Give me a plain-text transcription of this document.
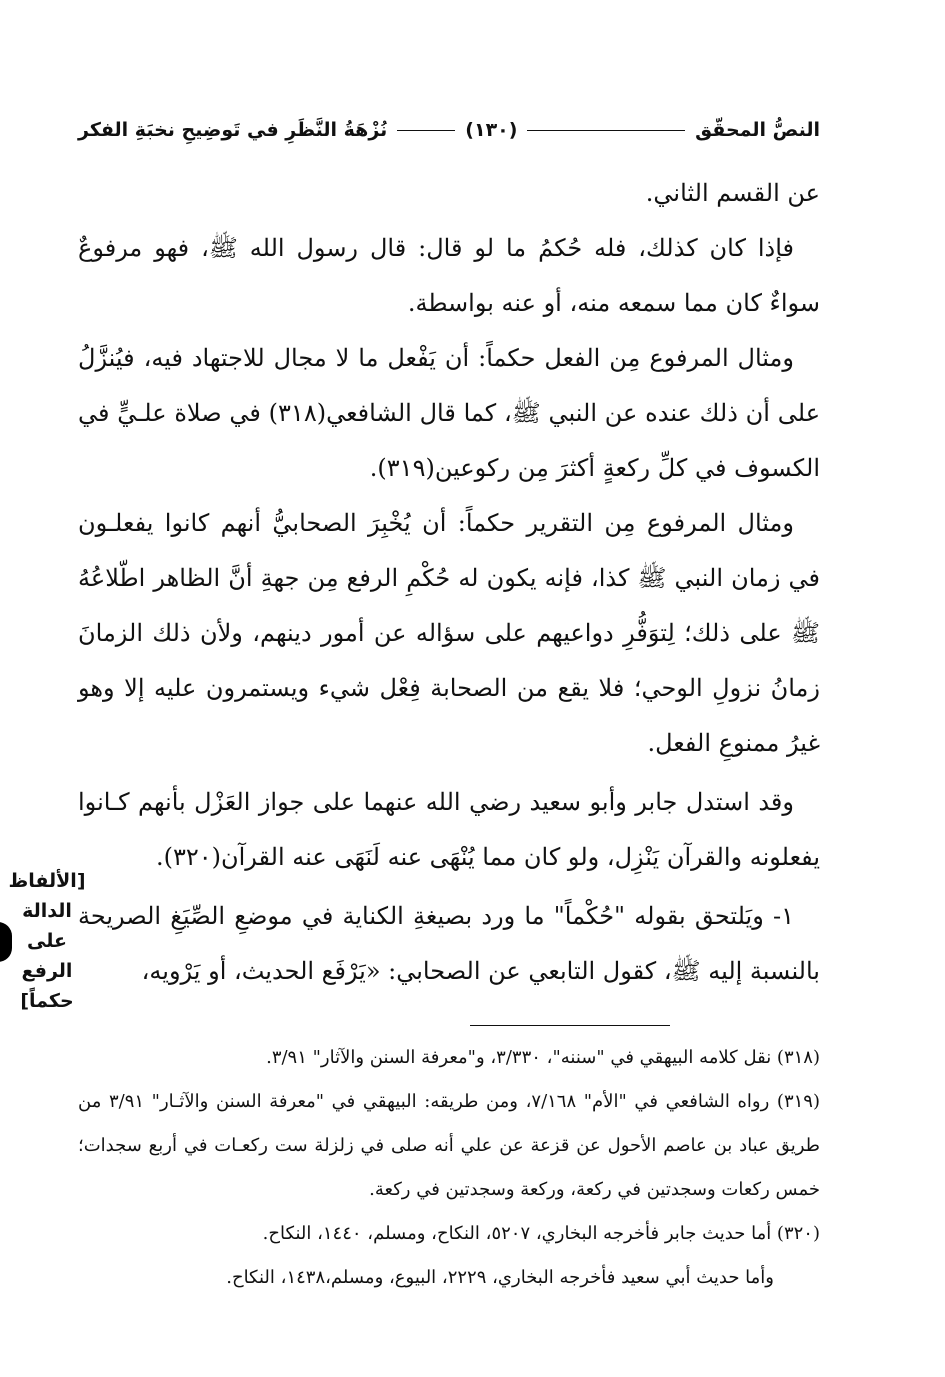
النصُّ المحقّق
(١٣٠)
نُزْهَةُ النَّظَرِ في تَوضِيحِ نخبَةِ الفكر

عن القسم الثاني.

فإذا كان كذلك، فله حُكمُ ما لو قال: قال رسول الله ﷺ، فهو مرفوعٌ سواءٌ كان مما سمعه منه، أو عنه بواسطة.

ومثال المرفوع مِن الفعل حكماً: أن يَفْعل ما لا مجال للاجتهاد فيه، فيُنزَّلُ على أن ذلك عنده عن النبي ﷺ، كما قال الشافعي(٣١٨) في صلاة علـيٍّ في الكسوف في كلِّ ركعةٍ أكثرَ مِن ركوعين(٣١٩).

ومثال المرفوع مِن التقرير حكماً: أن يُخْبِرَ الصحابيُّ أنهم كانوا يفعلـون في زمان النبي ﷺ كذا، فإنه يكون له حُكْمِ الرفع مِن جهةِ أنَّ الظاهر اطّلاعُهُ ﷺ على ذلك؛ لِتوَفُّرِ دواعيهم على سؤاله عن أمور دينهم، ولأن ذلك الزمانَ زمانُ نزولِ الوحي؛ فلا يقع من الصحابة فِعْل شيء ويستمرون عليه إلا وهو غيرُ ممنوعِ الفعل.

وقد استدل جابر وأبو سعيد رضي الله عنهما على جواز العَزْل بأنهم كـانوا يفعلونه والقرآن يَنْزِل، ولو كان مما يُنْهَى عنه لَنَهَى عنه القرآن(٣٢٠).

١- ويَلتحق بقوله "حُكْماً" ما ورد بصيغةِ الكناية في موضعِ الصِّيَغِ الصريحة بالنسبة إليه ﷺ، كقول التابعي عن الصحابي: «يَرْفَع الحديث، أو يَرْويه،

[الألفاظ الدالة على الرفع حكماً]

(٣١٨) نقل كلامه البيهقي في "سننه"، ٣/٣٣٠، و"معرفة السنن والآثار" ٣/٩١.

(٣١٩) رواه الشافعي في "الأم" ٧/١٦٨، ومن طريقه: البيهقي في "معرفة السنن والآثـار" ٣/٩١ من طريق عباد بن عاصم الأحول عن قزعة عن علي أنه صلى في زلزلة ست ركعـات في أربع سجدات؛ خمس ركعات وسجدتين في ركعة، وركعة وسجدتين في ركعة.

(٣٢٠) أما حديث جابر فأخرجه البخاري، ٥٢٠٧، النكاح، ومسلم، ١٤٤٠، النكاح.

وأما حديث أبي سعيد فأخرجه البخاري، ٢٢٢٩، البيوع، ومسلم،١٤٣٨، النكاح.
